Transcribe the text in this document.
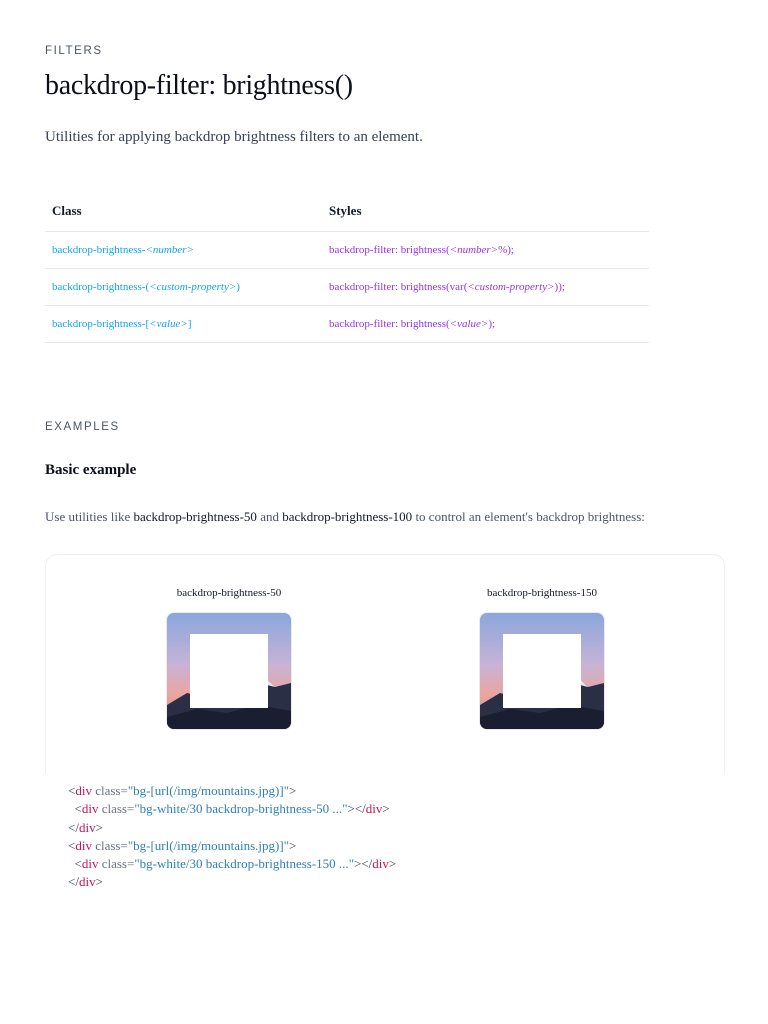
FILTERS
backdrop-filter: brightness()

Utilities for applying backdrop brightness filters to an element.

Class	Styles
backdrop-brightness-<number>	backdrop-filter: brightness(<number>%);
backdrop-brightness-(<custom-property>)	backdrop-filter: brightness(var(<custom-property>));
backdrop-brightness-[<value>]	backdrop-filter: brightness(<value>);
EXAMPLES
Basic example

Use utilities like backdrop-brightness-50 and backdrop-brightness-100 to control an element's backdrop brightness:

backdrop-brightness-50	backdrop-brightness-150
<div class="bg-[url(/img/mountains.jpg)]">
<div class="bg-white/30 backdrop-brightness-50 ..."></div>
</div>
<div class="bg-[url(/img/mountains.jpg)]">
<div class="bg-white/30 backdrop-brightness-150 ..."></div>
</div>
